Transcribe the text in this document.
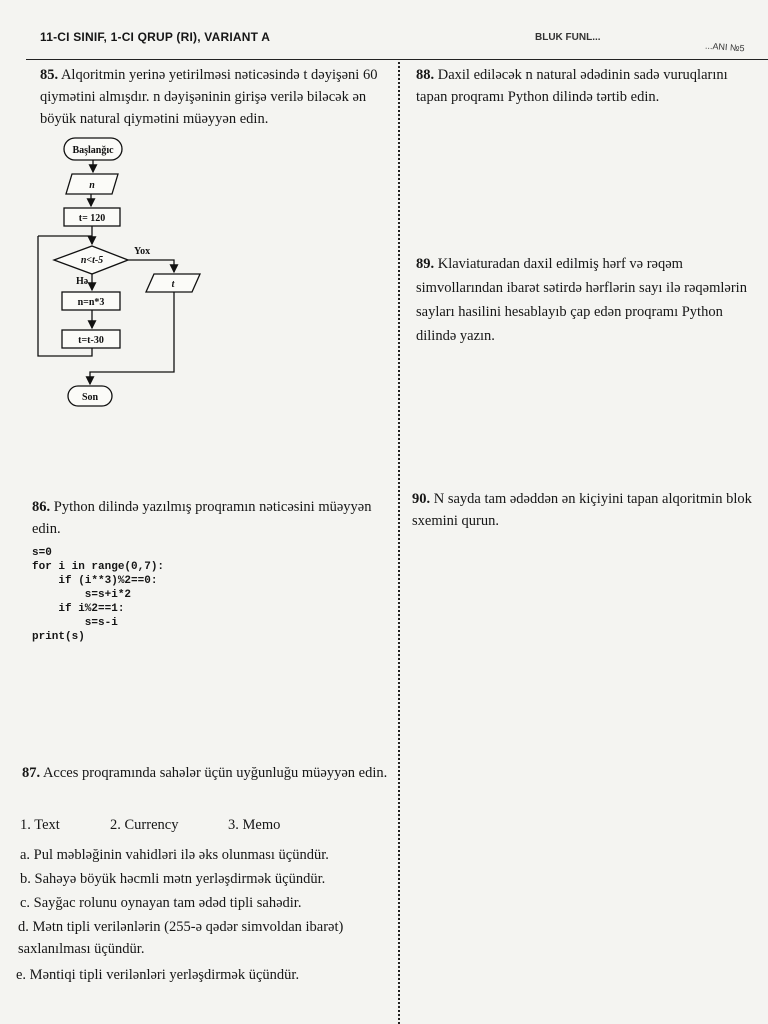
11-CI SINIF, 1-CI QRUP (RI), VARIANT A	BLUK FUNL...
...ANI №5
85. Alqoritmin yerinə yetirilməsi nəticəsində t dəyişəni 60 qiymətini almışdır. n dəyişəninin girişə verilə biləcək ən böyük natural qiymətini müəyyən edin.
Başlanğıc
n
t= 120
n<t-5
Yox
Hə	t
n=n*3
t=t-30
Son
86. Python dilində yazılmış proqramın nəticəsini müəyyən edin.
s=0
for i in range(0,7):
if (i**3)%2==0:
s=s+i*2
if i%2==1:
s=s-i
print(s)
87. Acces proqramında sahələr üçün uyğunluğu müəyyən edin.
1. Text	2. Currency	3. Memo
a. Pul məbləğinin vahidləri ilə əks olunması üçündür.
b. Sahəyə böyük həcmli mətn yerləşdirmək üçündür.
c. Sayğac rolunu oynayan tam ədəd tipli sahədir.
d. Mətn tipli verilənlərin (255-ə qədər simvoldan ibarət)
saxlanılması üçündür.
e. Məntiqi tipli verilənləri yerləşdirmək üçündür.
88. Daxil ediləcək n natural ədədinin sadə vuruqlarını tapan proqramı Python dilində tərtib edin.
89. Klaviaturadan daxil edilmiş hərf və rəqəm simvollarından ibarət sətirdə hərflərin sayı ilə rəqəmlərin sayları hasilini hesablayıb çap edən proqramı Python dilində yazın.
90. N sayda tam ədəddən ən kiçiyini tapan alqoritmin blok sxemini qurun.
